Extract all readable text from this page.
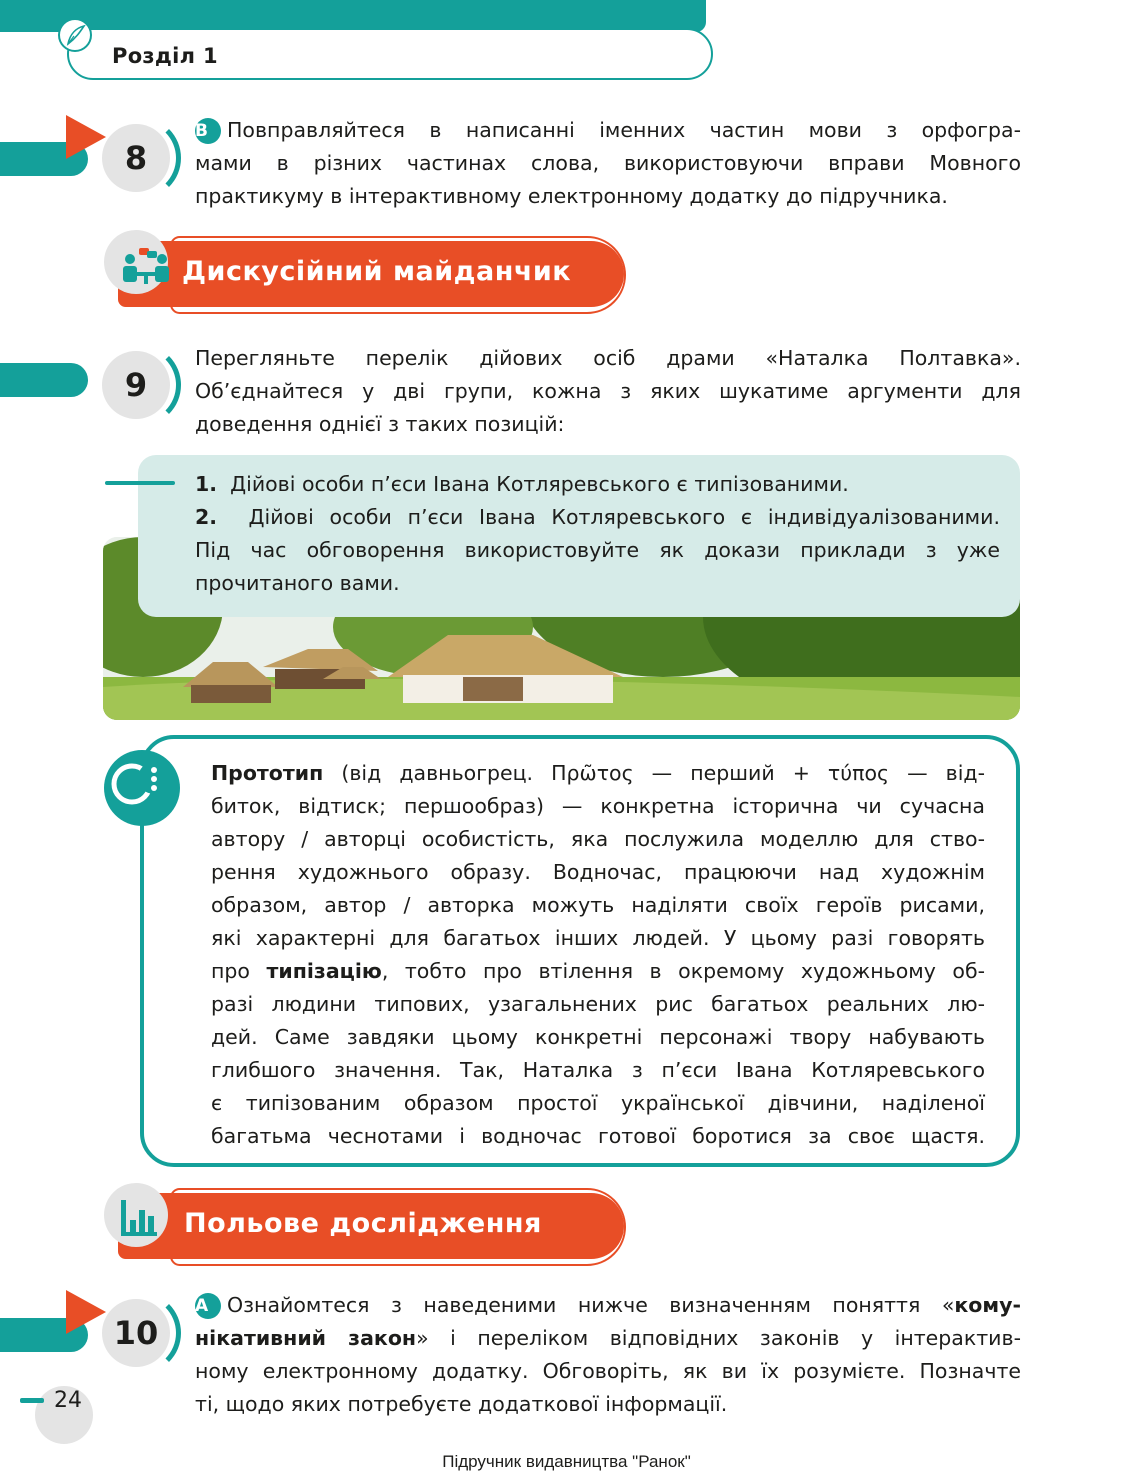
Розділ 1
8
В Повправляйтеся в написанні іменних частин мови з орфогра-
мами в різних частинах слова, використовуючи вправи Мовного
практикуму в інтерактивному електронному додатку до підручника.
Дискусійний майданчик
9
Перегляньте перелік дійових осіб драми «Наталка Полтавка».
Об’єднайтеся у дві групи, кожна з яких шукатиме аргументи для
доведення однієї з таких позицій:
1. Дійові особи п’єси Івана Котляревського є типізованими.
2. Дійові особи п’єси Івана Котляревського є індивідуалізованими.
Під час обговорення використовуйте як докази приклади з уже
прочитаного вами.
Прототип (від давньогрец. Πρῶτος — перший + τύπος — від-
биток, відтиск; першообраз) — конкретна історична чи сучасна
автору / авторці особистість, яка послужила моделлю для ство-
рення художнього образу. Водночас, працюючи над художнім
образом, автор / авторка можуть наділяти своїх героїв рисами,
які характерні для багатьох інших людей. У цьому разі говорять
про типізацію, тобто про втілення в окремому художньому об-
разі людини типових, узагальнених рис багатьох реальних лю-
дей. Саме завдяки цьому конкретні персонажі твору набувають
глибшого значення. Так, Наталка з п’єси Івана Котляревського
є типізованим образом простої української дівчини, наділеної
багатьма чеснотами і водночас готової боротися за своє щастя.
Польове дослідження
10
А Ознайомтеся з наведеними нижче визначенням поняття «кому-
нікативний закон» і переліком відповідних законів у інтерактив-
ному електронному додатку. Обговоріть, як ви їх розумієте. Позначте
ті, щодо яких потребуєте додаткової інформації.
24
Підручник видавництва "Ранок"
